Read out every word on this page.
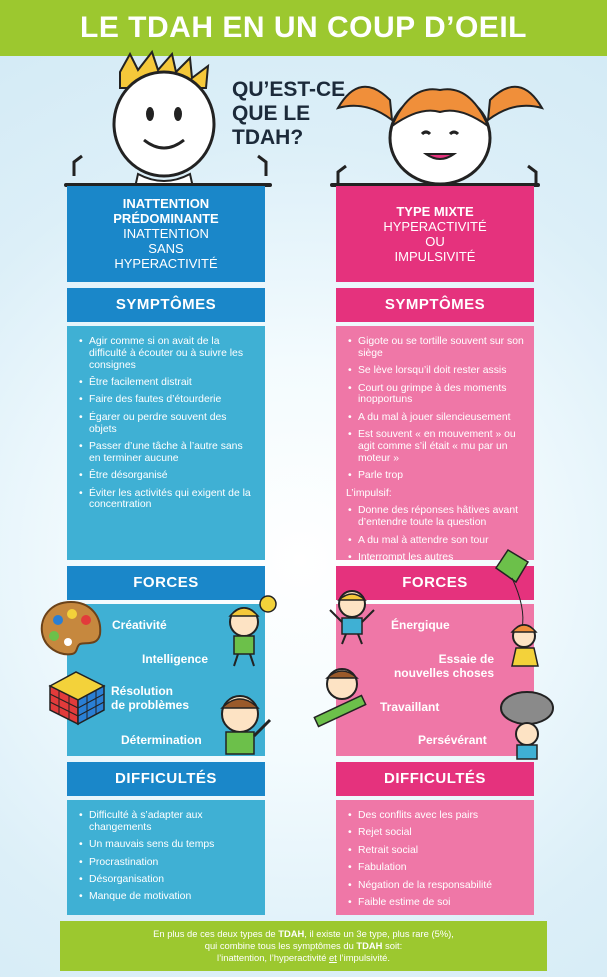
LE TDAH EN UN COUP D’OEIL
QU’EST-CE
QUE LE
TDAH?
INATTENTION
PRÉDOMINANTE
INATTENTION
SANS
HYPERACTIVITÉ
SYMPTÔMES
• Agir comme si on avait de la difficulté à écouter ou à suivre les consignes
• Être facilement distrait
• Faire des fautes d’étourderie
• Égarer ou perdre souvent des objets
• Passer d’une tâche à l’autre sans en terminer aucune
• Être désorganisé
• Éviter les activités qui exigent de la concentration
FORCES
Créativité
Intelligence
Résolution
de problèmes
Détermination
DIFFICULTÉS
• Difficulté à s’adapter aux changements
• Un mauvais sens du temps
• Procrastination
• Désorganisation
• Manque de motivation
TYPE MIXTE
HYPERACTIVITÉ
OU
IMPULSIVITÉ
SYMPTÔMES
• Gigote ou se tortille souvent sur son siège
• Se lève lorsqu’il doit rester assis
• Court ou grimpe à des moments inopportuns
• A du mal à jouer silencieusement
• Est souvent « en mouvement » ou agit comme s’il était « mu par un moteur »
• Parle trop
L’impulsif:
• Donne des réponses hâtives avant d’entendre toute la question
• A du mal à attendre son tour
• Interrompt les autres
FORCES
Énergique
Essaie de
nouvelles choses
Travaillant
Persévérant
DIFFICULTÉS
• Des conflits avec les pairs
• Rejet social
• Retrait social
• Fabulation
• Négation de la responsabilité
• Faible estime de soi
En plus de ces deux types de TDAH, il existe un 3e type, plus rare (5%),
qui combine tous les symptômes du TDAH soit:
l’inattention, l’hyperactivité et l’impulsivité.
